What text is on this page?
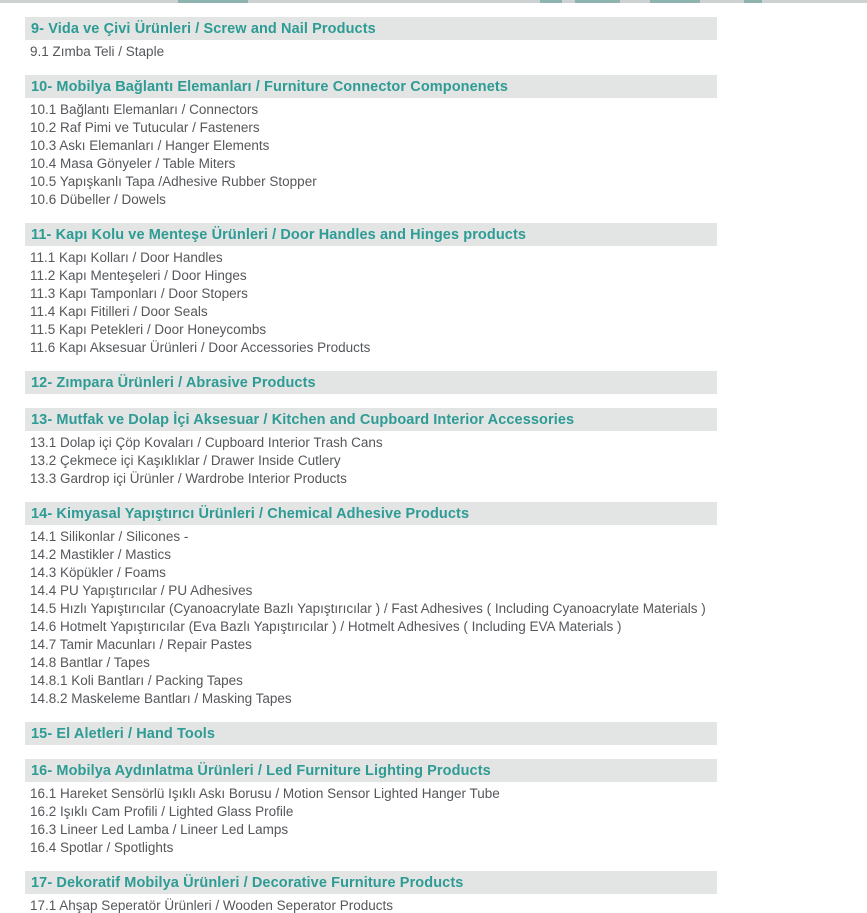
9- Vida ve Çivi Ürünleri / Screw and Nail Products
9.1 Zımba Teli / Staple
10- Mobilya Bağlantı Elemanları / Furniture Connector Componenets
10.1 Bağlantı Elemanları / Connectors
10.2 Raf Pimi ve Tutucular / Fasteners
10.3 Askı Elemanları / Hanger Elements
10.4 Masa Gönyeler / Table Miters
10.5 Yapışkanlı Tapa /Adhesive Rubber Stopper
10.6 Dübeller / Dowels
11- Kapı Kolu ve Menteşe Ürünleri / Door Handles and Hinges products
11.1 Kapı Kolları / Door Handles
11.2 Kapı Menteşeleri / Door Hinges
11.3 Kapı Tamponları / Door Stopers
11.4 Kapı Fitilleri / Door Seals
11.5 Kapı Petekleri / Door Honeycombs
11.6 Kapı Aksesuar Ürünleri / Door Accessories Products
12- Zımpara Ürünleri / Abrasive Products
13- Mutfak ve Dolap İçi Aksesuar / Kitchen and Cupboard Interior Accessories
13.1 Dolap içi Çöp Kovaları / Cupboard Interior Trash Cans
13.2 Çekmece içi Kaşıklıklar / Drawer Inside Cutlery
13.3 Gardrop içi Ürünler / Wardrobe Interior Products
14- Kimyasal Yapıştırıcı Ürünleri / Chemical Adhesive Products
14.1 Silikonlar / Silicones -
14.2 Mastikler / Mastics
14.3 Köpükler / Foams
14.4 PU Yapıştırıcılar / PU Adhesives
14.5 Hızlı Yapıştırıcılar (Cyanoacrylate Bazlı Yapıştırıcılar ) / Fast Adhesives ( Including Cyanoacrylate Materials )
14.6 Hotmelt Yapıştırıcılar (Eva Bazlı Yapıştırıcılar ) / Hotmelt Adhesives ( Including EVA Materials )
14.7 Tamir Macunları / Repair Pastes
14.8 Bantlar / Tapes
14.8.1 Koli Bantları / Packing Tapes
14.8.2 Maskeleme Bantları / Masking Tapes
15- El Aletleri / Hand Tools
16- Mobilya Aydınlatma Ürünleri / Led Furniture Lighting Products
16.1 Hareket Sensörlü Işıklı Askı Borusu / Motion Sensor Lighted Hanger Tube
16.2 Işıklı Cam Profili / Lighted Glass Profile
16.3 Lineer Led Lamba / Lineer Led Lamps
16.4 Spotlar / Spotlights
17- Dekoratif Mobilya Ürünleri / Decorative Furniture Products
17.1 Ahşap Seperatör Ürünleri / Wooden Seperator Products
